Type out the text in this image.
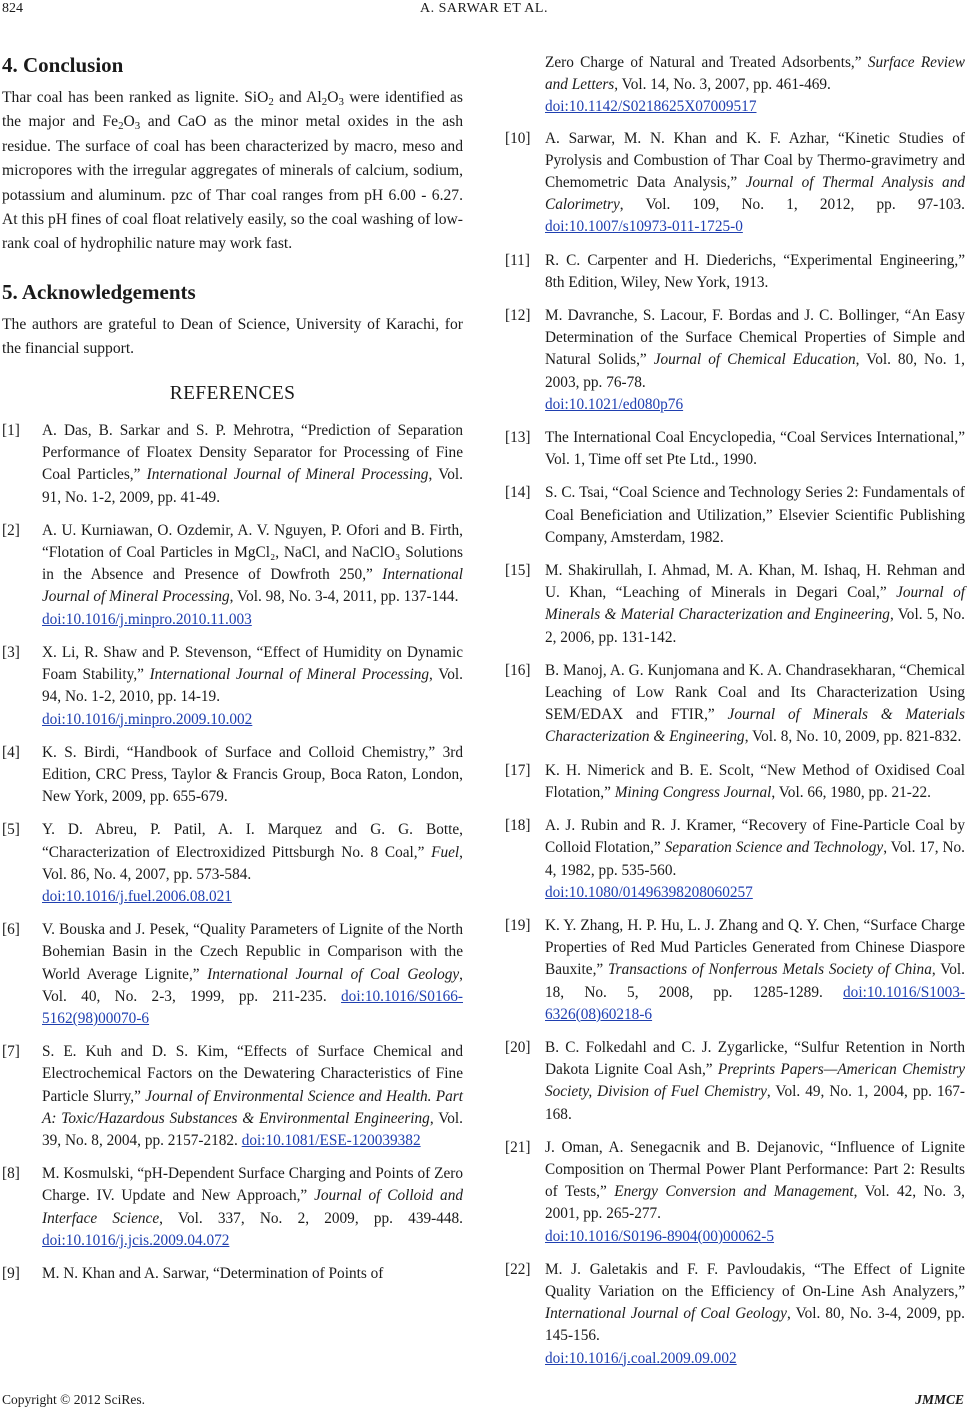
824	A. SARWAR ET AL.
4. Conclusion

Thar coal has been ranked as lignite. SiO$_2$ and $Al_2O_3$ were identified as the major and $Fe_2O_3$ and CaO as the minor metal oxides in the ash residue. The surface of coal has been characterized by macro, meso and micropores with the irregular aggregates of minerals of calcium, sodium, potassium and aluminum. pzc of Thar coal ranges from pH 6.00 - 6.27. At this pH fines of coal float relatively easily, so the coal washing of low-rank coal of hydrophilic nature may work fast.

5. Acknowledgements

The authors are grateful to Dean of Science, University of Karachi, for the financial support.

REFERENCES
[1] A. Das, B. Sarkar and S. P. Mehrotra, “Prediction of Separation Performance of Floatex Density Separator for Processing of Fine Coal Particles,” International Journal of Mineral Processing, Vol. 91, No. 1-2, 2009, pp. 41-49.
[2] A. U. Kurniawan, O. Ozdemir, A. V. Nguyen, P. Ofori and B. Firth, “Flotation of Coal Particles in MgCl₂, NaCl, and NaClO₃ Solutions in the Absence and Presence of Dowfroth 250,” International Journal of Mineral Processing, Vol. 98, No. 3-4, 2011, pp. 137-144.
doi:10.1016/j.minpro.2010.11.003
[3] X. Li, R. Shaw and P. Stevenson, “Effect of Humidity on Dynamic Foam Stability,” International Journal of Mineral Processing, Vol. 94, No. 1-2, 2010, pp. 14-19.
doi:10.1016/j.minpro.2009.10.002
[4] K. S. Birdi, “Handbook of Surface and Colloid Chemistry,” 3rd Edition, CRC Press, Taylor & Francis Group, Boca Raton, London, New York, 2009, pp. 655-679.
[5] Y. D. Abreu, P. Patil, A. I. Marquez and G. G. Botte, “Characterization of Electroxidized Pittsburgh No. 8 Coal,” Fuel, Vol. 86, No. 4, 2007, pp. 573-584.
doi:10.1016/j.fuel.2006.08.021
[6] V. Bouska and J. Pesek, “Quality Parameters of Lignite of the North Bohemian Basin in the Czech Republic in Comparison with the World Average Lignite,” International Journal of Coal Geology, Vol. 40, No. 2-3, 1999, pp. 211-235. doi:10.1016/S0166-5162(98)00070-6
[7] S. E. Kuh and D. S. Kim, “Effects of Surface Chemical and Electrochemical Factors on the Dewatering Characteristics of Fine Particle Slurry,” Journal of Environmental Science and Health. Part A: Toxic/Hazardous Substances & Environmental Engineering, Vol. 39, No. 8, 2004, pp. 2157-2182. doi:10.1081/ESE-120039382
[8] M. Kosmulski, “pH-Dependent Surface Charging and Points of Zero Charge. IV. Update and New Approach,” Journal of Colloid and Interface Science, Vol. 337, No. 2, 2009, pp. 439-448. doi:10.1016/j.jcis.2009.04.072
[9] M. N. Khan and A. Sarwar, “Determination of Points of
Zero Charge of Natural and Treated Adsorbents,” Surface Review and Letters, Vol. 14, No. 3, 2007, pp. 461-469.
doi:10.1142/S0218625X07009517
[10] A. Sarwar, M. N. Khan and K. F. Azhar, “Kinetic Studies of Pyrolysis and Combustion of Thar Coal by Thermo-gravimetry and Chemometric Data Analysis,” Journal of Thermal Analysis and Calorimetry, Vol. 109, No. 1, 2012, pp. 97-103. doi:10.1007/s10973-011-1725-0
[11] R. C. Carpenter and H. Diederichs, “Experimental Engineering,” 8th Edition, Wiley, New York, 1913.
[12] M. Davranche, S. Lacour, F. Bordas and J. C. Bollinger, “An Easy Determination of the Surface Chemical Properties of Simple and Natural Solids,” Journal of Chemical Education, Vol. 80, No. 1, 2003, pp. 76-78.
doi:10.1021/ed080p76
[13] The International Coal Encyclopedia, “Coal Services International,” Vol. 1, Time off set Pte Ltd., 1990.
[14] S. C. Tsai, “Coal Science and Technology Series 2: Fundamentals of Coal Beneficiation and Utilization,” Elsevier Scientific Publishing Company, Amsterdam, 1982.
[15] M. Shakirullah, I. Ahmad, M. A. Khan, M. Ishaq, H. Rehman and U. Khan, “Leaching of Minerals in Degari Coal,” Journal of Minerals & Material Characterization and Engineering, Vol. 5, No. 2, 2006, pp. 131-142.
[16] B. Manoj, A. G. Kunjomana and K. A. Chandrasekharan, “Chemical Leaching of Low Rank Coal and Its Characterization Using SEM/EDAX and FTIR,” Journal of Minerals & Materials Characterization & Engineering, Vol. 8, No. 10, 2009, pp. 821-832.
[17] K. H. Nimerick and B. E. Scolt, “New Method of Oxidised Coal Flotation,” Mining Congress Journal, Vol. 66, 1980, pp. 21-22.
[18] A. J. Rubin and R. J. Kramer, “Recovery of Fine-Particle Coal by Colloid Flotation,” Separation Science and Technology, Vol. 17, No. 4, 1982, pp. 535-560.
doi:10.1080/01496398208060257
[19] K. Y. Zhang, H. P. Hu, L. J. Zhang and Q. Y. Chen, “Surface Charge Properties of Red Mud Particles Generated from Chinese Diaspore Bauxite,” Transactions of Nonferrous Metals Society of China, Vol. 18, No. 5, 2008, pp. 1285-1289. doi:10.1016/S1003-6326(08)60218-6
[20] B. C. Folkedahl and C. J. Zygarlicke, “Sulfur Retention in North Dakota Lignite Coal Ash,” Preprints Papers—American Chemistry Society, Division of Fuel Chemistry, Vol. 49, No. 1, 2004, pp. 167-168.
[21] J. Oman, A. Senegacnik and B. Dejanovic, “Influence of Lignite Composition on Thermal Power Plant Performance: Part 2: Results of Tests,” Energy Conversion and Management, Vol. 42, No. 3, 2001, pp. 265-277.
doi:10.1016/S0196-8904(00)00062-5
[22] M. J. Galetakis and F. F. Pavloudakis, “The Effect of Lignite Quality Variation on the Efficiency of On-Line Ash Analyzers,” International Journal of Coal Geology, Vol. 80, No. 3-4, 2009, pp. 145-156.
doi:10.1016/j.coal.2009.09.002
Copyright © 2012 SciRes.	JMMCE
